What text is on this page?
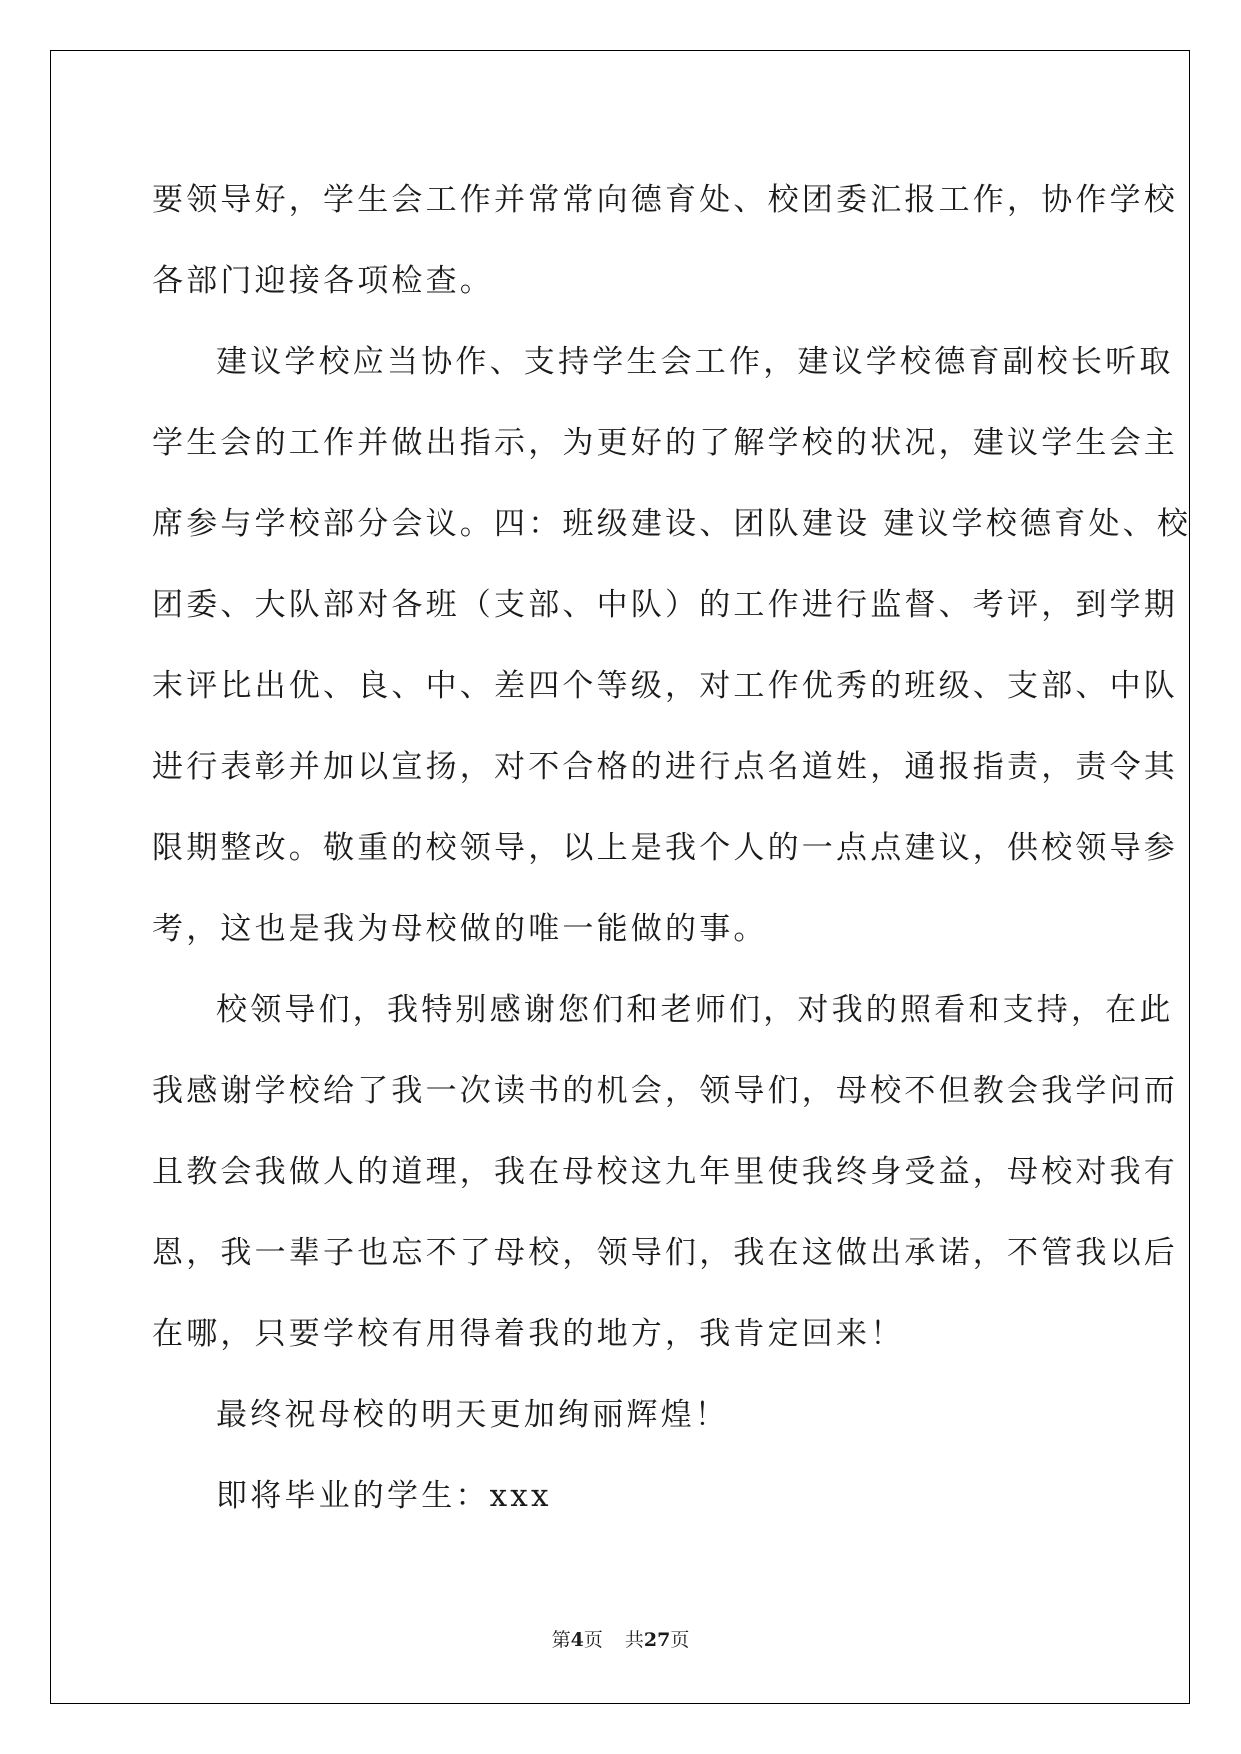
要领导好，学生会工作并常常向德育处、校团委汇报工作，协作学校
各部门迎接各项检查。
建议学校应当协作、支持学生会工作，建议学校德育副校长听取
学生会的工作并做出指示，为更好的了解学校的状况，建议学生会主
席参与学校部分会议。四：班级建设、团队建设 建议学校德育处、校
团委、大队部对各班（支部、中队）的工作进行监督、考评，到学期
末评比出优、良、中、差四个等级，对工作优秀的班级、支部、中队
进行表彰并加以宣扬，对不合格的进行点名道姓，通报指责，责令其
限期整改。敬重的校领导，以上是我个人的一点点建议，供校领导参
考，这也是我为母校做的唯一能做的事。
校领导们，我特别感谢您们和老师们，对我的照看和支持，在此
我感谢学校给了我一次读书的机会，领导们，母校不但教会我学问而
且教会我做人的道理，我在母校这九年里使我终身受益，母校对我有
恩，我一辈子也忘不了母校，领导们，我在这做出承诺，不管我以后
在哪，只要学校有用得着我的地方，我肯定回来！
最终祝母校的明天更加绚丽辉煌！
即将毕业的学生：xxx
第4页 共27页
